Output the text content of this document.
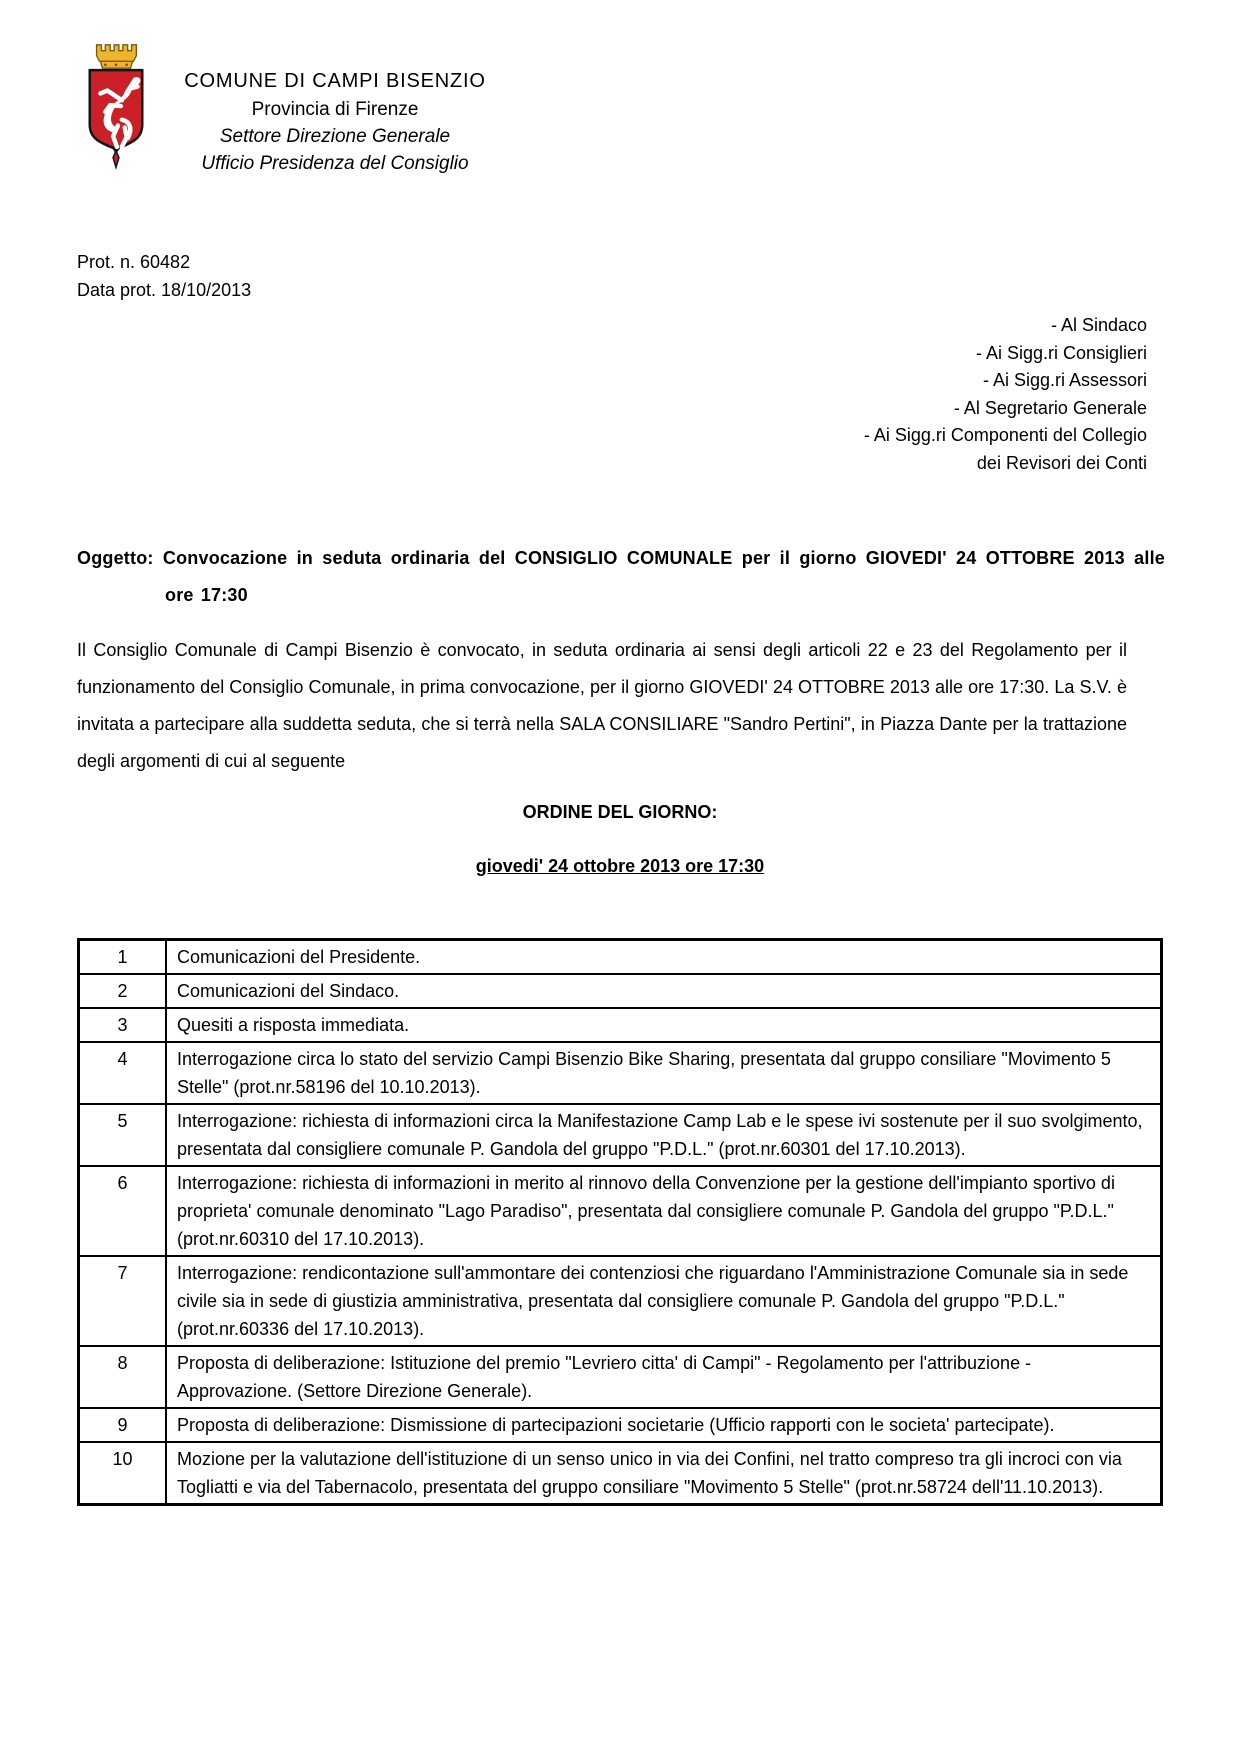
COMUNE DI CAMPI BISENZIO
Provincia di Firenze
Settore Direzione Generale
Ufficio Presidenza del Consiglio
Prot. n. 60482
Data prot. 18/10/2013
- Al Sindaco
- Ai Sigg.ri Consiglieri
- Ai Sigg.ri Assessori
- Al Segretario Generale
- Ai Sigg.ri Componenti del Collegio
dei Revisori dei Conti

Oggetto: Convocazione in seduta ordinaria del CONSIGLIO COMUNALE per il giorno GIOVEDI' 24 OTTOBRE 2013 alle ore 17:30

Il Consiglio Comunale di Campi Bisenzio è convocato, in seduta ordinaria ai sensi degli articoli 22 e 23 del Regolamento per il funzionamento del Consiglio Comunale, in prima convocazione, per il giorno GIOVEDI' 24 OTTOBRE 2013 alle ore 17:30. La S.V. è invitata a partecipare alla suddetta seduta, che si terrà nella SALA CONSILIARE "Sandro Pertini", in Piazza Dante per la trattazione degli argomenti di cui al seguente

ORDINE DEL GIORNO:
giovedi' 24 ottobre 2013 ore 17:30
1	Comunicazioni del Presidente.
2	Comunicazioni del Sindaco.
3	Quesiti a risposta immediata.
4	Interrogazione circa lo stato del servizio Campi Bisenzio Bike Sharing, presentata dal gruppo consiliare "Movimento 5 Stelle" (prot.nr.58196 del 10.10.2013).
5	Interrogazione: richiesta di informazioni circa la Manifestazione Camp Lab e le spese ivi sostenute per il suo svolgimento, presentata dal consigliere comunale P. Gandola del gruppo "P.D.L." (prot.nr.60301 del 17.10.2013).
6	Interrogazione: richiesta di informazioni in merito al rinnovo della Convenzione per la gestione dell'impianto sportivo di proprieta' comunale denominato "Lago Paradiso", presentata dal consigliere comunale P. Gandola del gruppo "P.D.L." (prot.nr.60310 del 17.10.2013).
7	Interrogazione: rendicontazione sull'ammontare dei contenziosi che riguardano l'Amministrazione Comunale sia in sede civile sia in sede di giustizia amministrativa, presentata dal consigliere comunale P. Gandola del gruppo "P.D.L." (prot.nr.60336 del 17.10.2013).
8	Proposta di deliberazione: Istituzione del premio "Levriero citta' di Campi" - Regolamento per l'attribuzione - Approvazione. (Settore Direzione Generale).
9	Proposta di deliberazione: Dismissione di partecipazioni societarie (Ufficio rapporti con le societa' partecipate).
10	Mozione per la valutazione dell'istituzione di un senso unico in via dei Confini, nel tratto compreso tra gli incroci con via Togliatti e via del Tabernacolo, presentata del gruppo consiliare "Movimento 5 Stelle" (prot.nr.58724 dell'11.10.2013).
